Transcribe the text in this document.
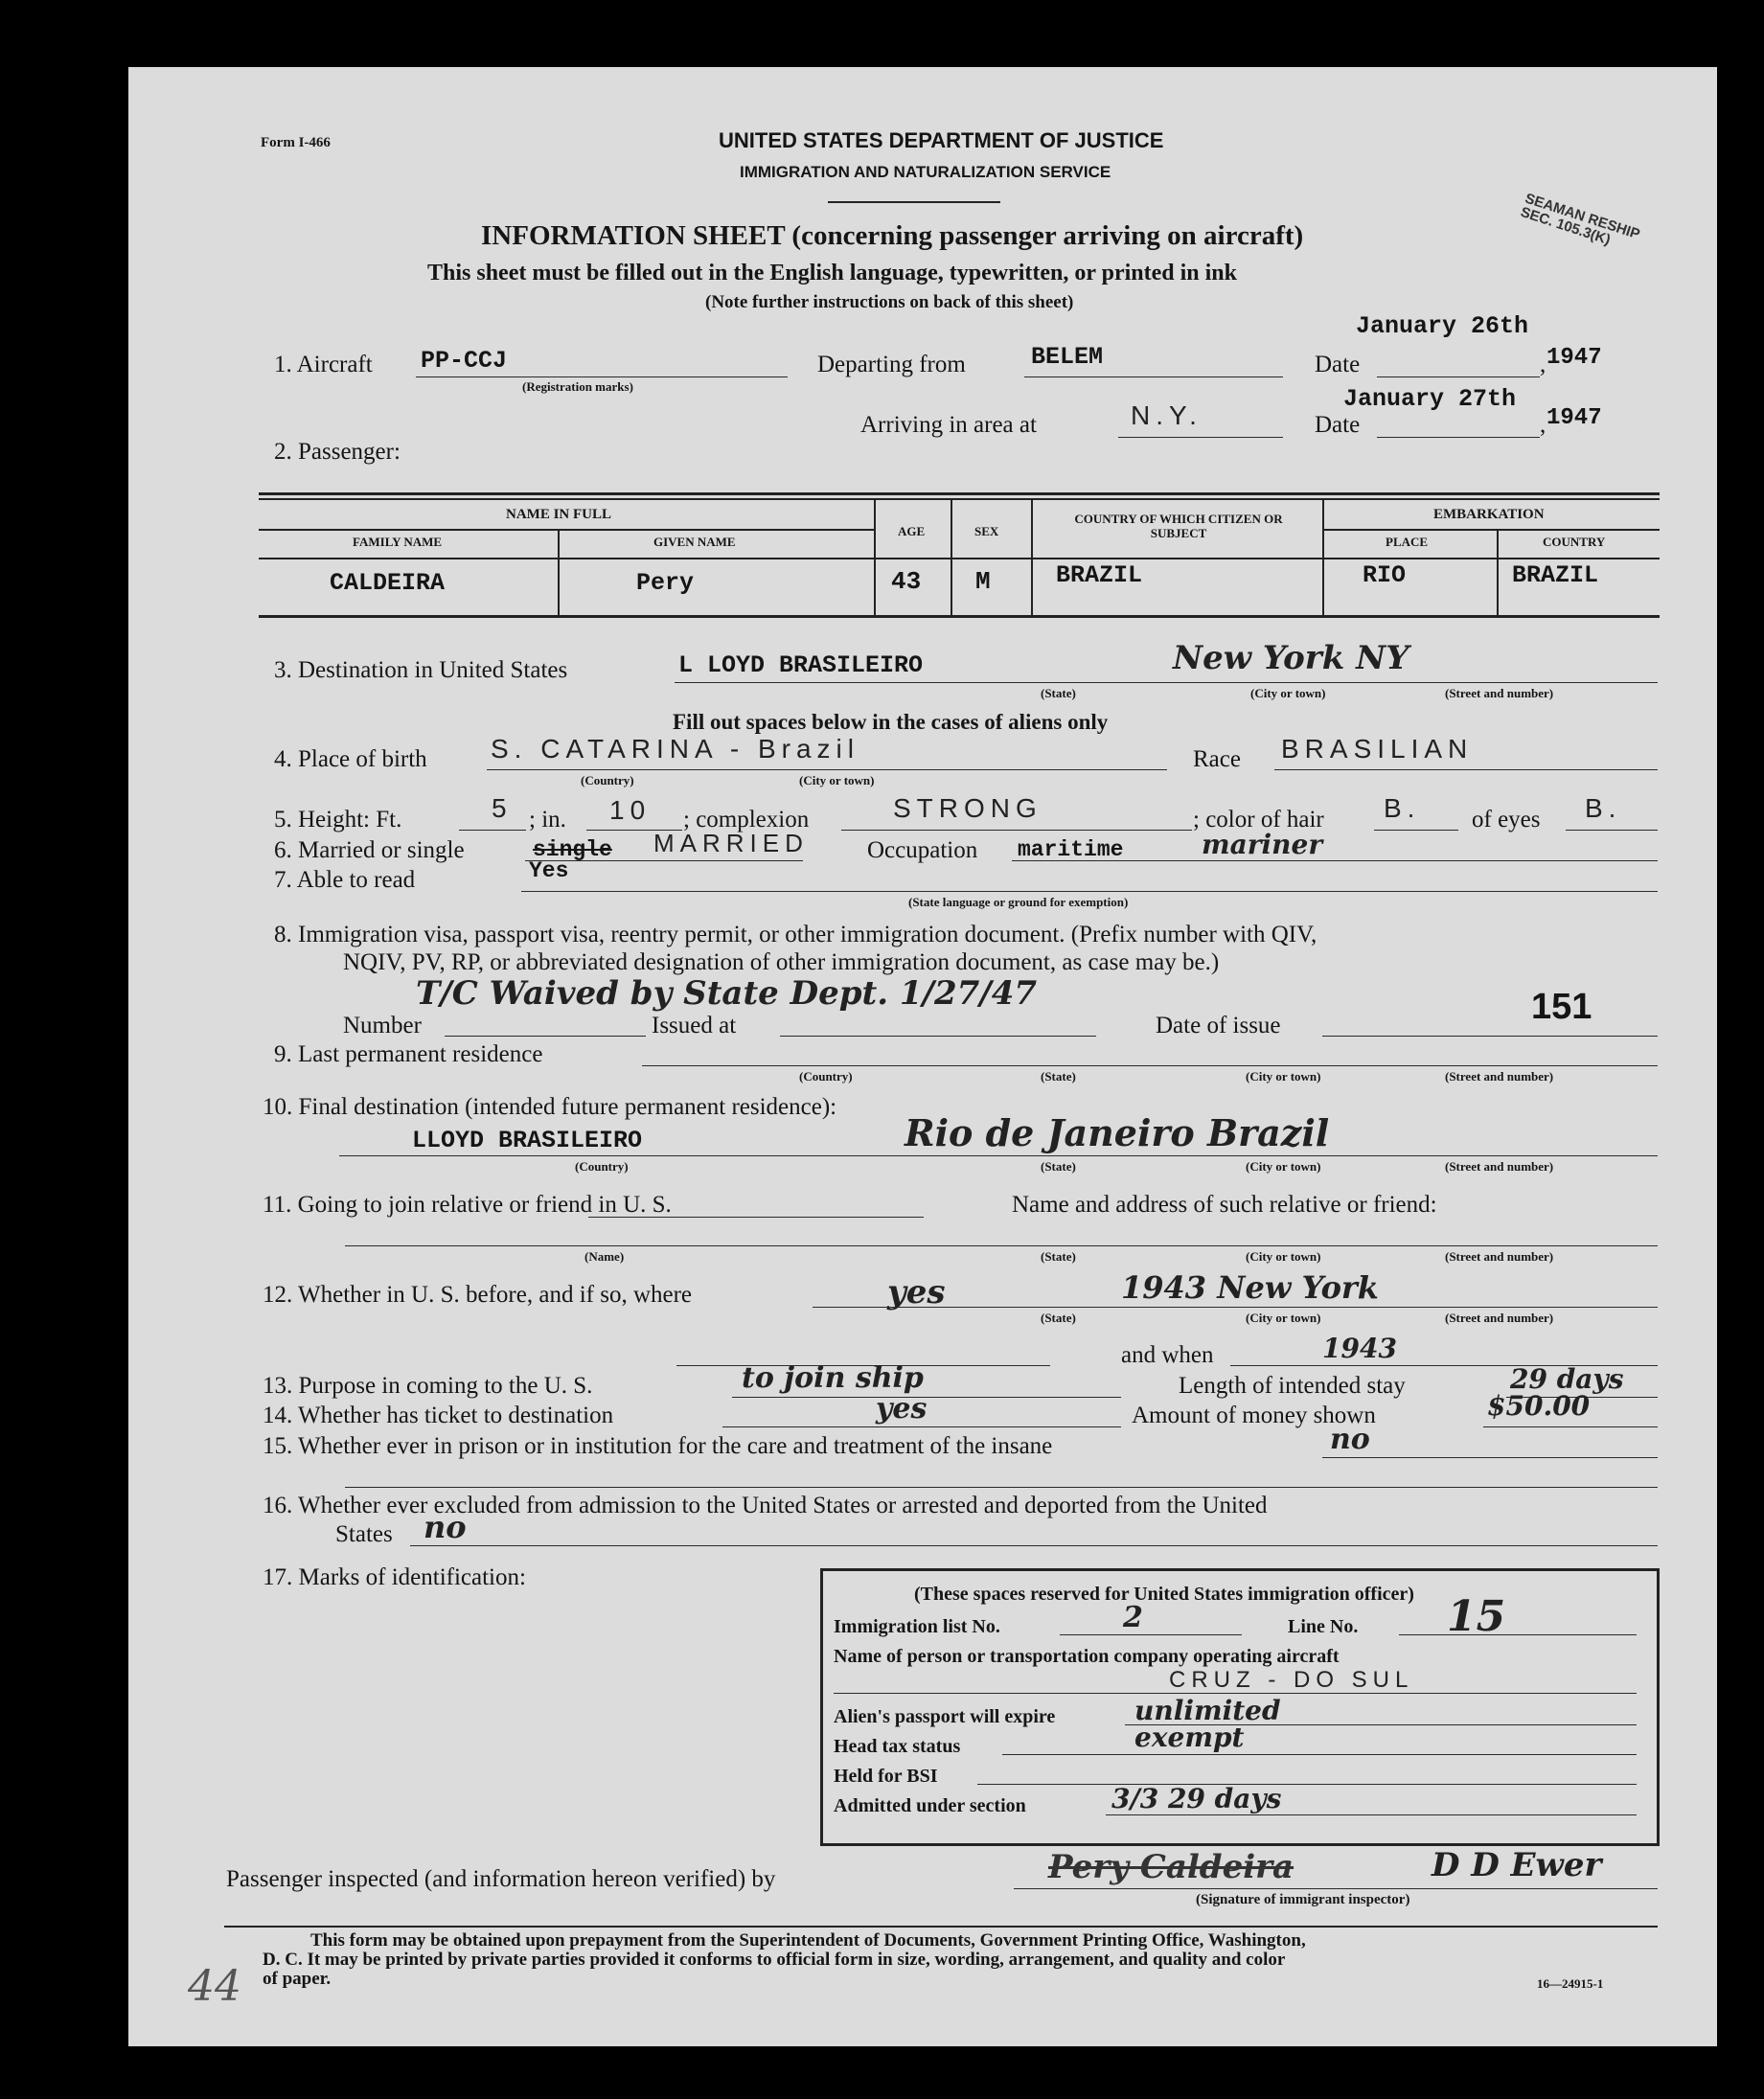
Form I-466	UNITED STATES DEPARTMENT OF JUSTICE
IMMIGRATION AND NATURALIZATION SERVICE
SEAMAN RESHIP SEC. 105.3(K)
INFORMATION SHEET (concerning passenger arriving on aircraft)
This sheet must be filled out in the English language, typewritten, or printed in ink
(Note further instructions on back of this sheet)
1. Aircraft PP-CCJ
(Registration marks)
Departing from	BELEM	Date
January 26th
, 1947
Arriving in area at	N.Y.	Date
January 27th
, 1947
2. Passenger:
NAME IN FULL
FAMILY NAME	GIVEN NAME
AGE	SEX
COUNTRY OF WHICH CITIZEN OR SUBJECT
EMBARKATION
PLACE	COUNTRY
CALDEIRA	Pery	43 M	BRAZIL	RIO	BRAZIL
3. Destination in United States	L LOYD BRASILEIRO	New York NY
(State)	(City or town)	(Street and number)
Fill out spaces below in the cases of aliens only
4. Place of birth S. CATARINA - Brazil
(Country)	(City or town)
Race BRASILIAN
5. Height: Ft.	5 ; in. 10 ; complexion	STRONG	; color of hair B. of eyes B.
6. Married or single	single MARRIED Occupation maritime	mariner
7. Able to read	Yes
(State language or ground for exemption)
8. Immigration visa, passport visa, reentry permit, or other immigration document. (Prefix number with QIV,
NQIV, PV, RP, or abbreviated designation of other immigration document, as case may be.)
T/C Waived by State Dept. 1/27/47
Number	Issued at	Date of issue	151
9. Last permanent residence
(Country)	(State)	(City or town)	(Street and number)
10. Final destination (intended future permanent residence):
LLOYD BRASILEIRO	Rio de Janeiro Brazil
(Country)	(State)	(City or town)	(Street and number)
11. Going to join relative or friend in U. S.	Name and address of such relative or friend:
(Name)	(State)	(City or town)	(Street and number)
12. Whether in U. S. before, and if so, where	yes	1943 New York
(State)	(City or town)	(Street and number)
and when	1943
13. Purpose in coming to the U. S.	to join ship	Length of intended stay	29 days
14. Whether has ticket to destination	yes	Amount of money shown	$50.00
15. Whether ever in prison or in institution for the care and treatment of the insane	no
16. Whether ever excluded from admission to the United States or arrested and deported from the United
States no
17. Marks of identification:
(These spaces reserved for United States immigration officer)
Immigration list No.	2	Line No. 15
Name of person or transportation company operating aircraft
CRUZ - DO SUL
Alien's passport will expire	unlimited
Head tax status	exempt
Held for BSI
Admitted under section	3/3 29 days
Passenger inspected (and information hereon verified) by	Pery Caldeira	D D Ewer
(Signature of immigrant inspector)
This form may be obtained upon prepayment from the Superintendent of Documents, Government Printing Office, Washington,
D. C. It may be printed by private parties provided it conforms to official form in size, wording, arrangement, and quality and color
of paper.	16—24915-1
44
